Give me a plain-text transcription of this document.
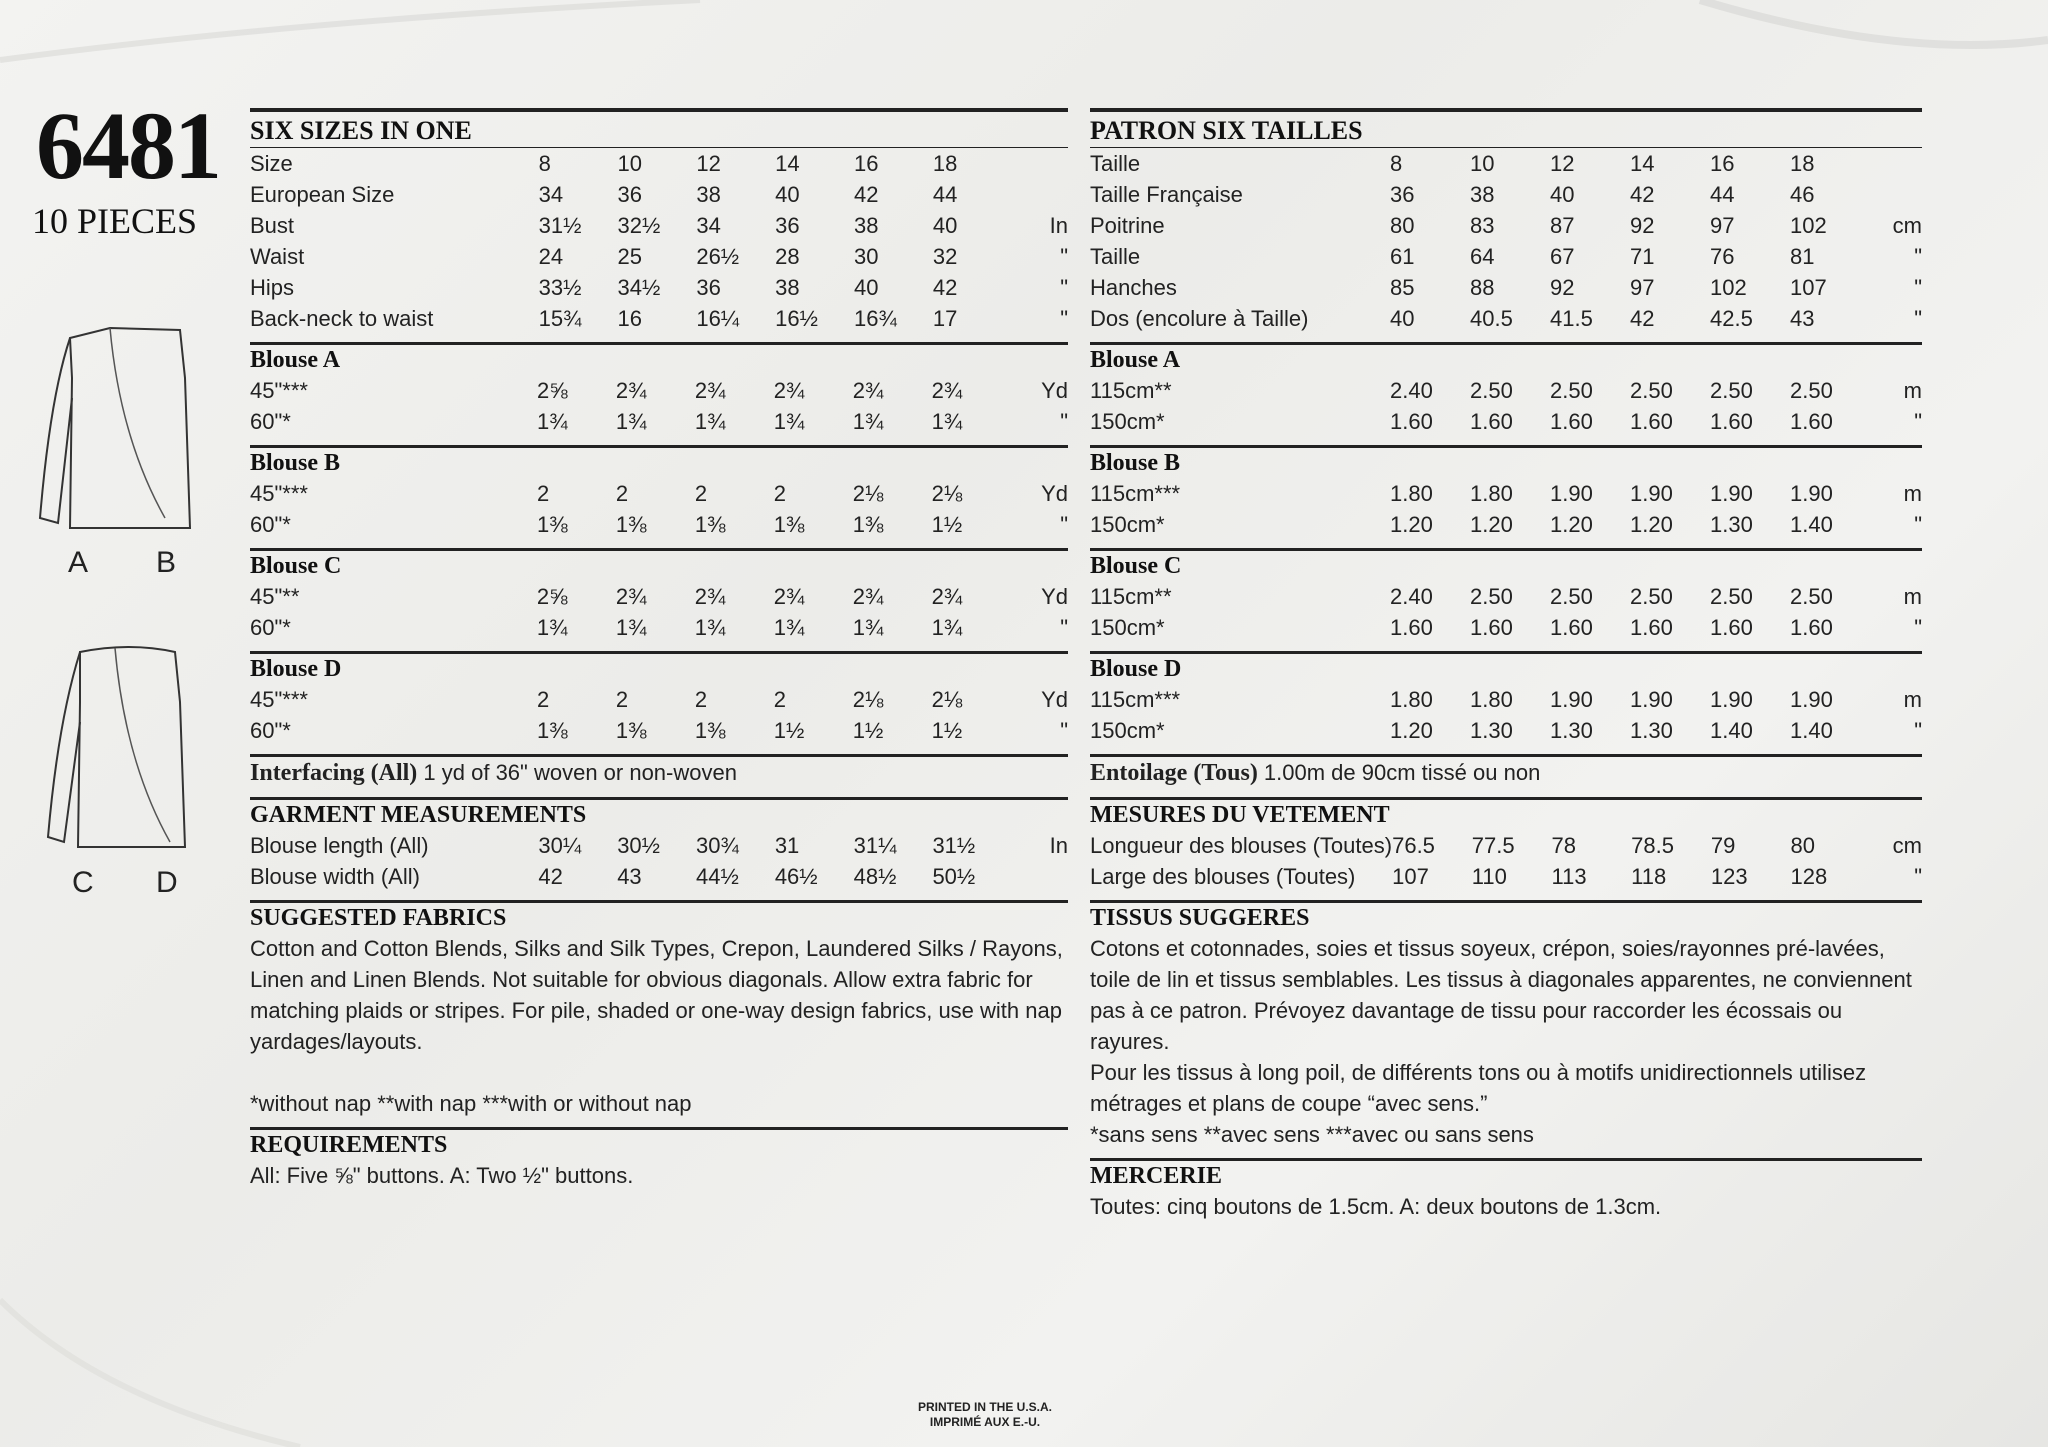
6481
10 PIECES
A B
C D
SIX SIZES IN ONE
Size	8	10	12	14	16	18	
European Size	34	36	38	40	42	44	
Bust	31½	32½	34	36	38	40	In
Waist	24	25	26½	28	30	32	"
Hips	33½	34½	36	38	40	42	"
Back-neck to waist	15¾	16	16¼	16½	16¾	17	"
Blouse A
45"***	2⅝	2¾	2¾	2¾	2¾	2¾	Yd
60"*	1¾	1¾	1¾	1¾	1¾	1¾	"
Blouse B
45"***	2	2	2	2	2⅛	2⅛	Yd
60"*	1⅜	1⅜	1⅜	1⅜	1⅜	1½	"
Blouse C
45"**	2⅝	2¾	2¾	2¾	2¾	2¾	Yd
60"*	1¾	1¾	1¾	1¾	1¾	1¾	"
Blouse D
45"***	2	2	2	2	2⅛	2⅛	Yd
60"*	1⅜	1⅜	1⅜	1½	1½	1½	"
Interfacing (All) 1 yd of 36" woven or non-woven
GARMENT MEASUREMENTS
Blouse length (All)	30¼	30½	30¾	31	31¼	31½	In
Blouse width (All)	42	43	44½	46½	48½	50½	
SUGGESTED FABRICS
Cotton and Cotton Blends, Silks and Silk Types, Crepon, Laundered Silks / Rayons,
Linen and Linen Blends. Not suitable for obvious diagonals. Allow extra fabric for
matching plaids or stripes. For pile, shaded or one-way design fabrics, use with nap
yardages/layouts.
*without nap **with nap ***with or without nap
REQUIREMENTS
All: Five ⅝" buttons. A: Two ½" buttons.
PATRON SIX TAILLES
Taille	8	10	12	14	16	18	
Taille Française	36	38	40	42	44	46	
Poitrine	80	83	87	92	97	102	cm
Taille	61	64	67	71	76	81	"
Hanches	85	88	92	97	102	107	"
Dos (encolure à Taille)	40	40.5	41.5	42	42.5	43	"
Blouse A
115cm**	2.40	2.50	2.50	2.50	2.50	2.50	m
150cm*	1.60	1.60	1.60	1.60	1.60	1.60	"
Blouse B
115cm***	1.80	1.80	1.90	1.90	1.90	1.90	m
150cm*	1.20	1.20	1.20	1.20	1.30	1.40	"
Blouse C
115cm**	2.40	2.50	2.50	2.50	2.50	2.50	m
150cm*	1.60	1.60	1.60	1.60	1.60	1.60	"
Blouse D
115cm***	1.80	1.80	1.90	1.90	1.90	1.90	m
150cm*	1.20	1.30	1.30	1.30	1.40	1.40	"
Entoilage (Tous) 1.00m de 90cm tissé ou non
MESURES DU VETEMENT
Longueur des blouses (Toutes)	76.5	77.5	78	78.5	79	80	cm
Large des blouses (Toutes)	107	110	113	118	123	128	"
TISSUS SUGGERES
Cotons et cotonnades, soies et tissus soyeux, crépon, soies/rayonnes pré-lavées,
toile de lin et tissus semblables. Les tissus à diagonales apparentes, ne conviennent
pas à ce patron. Prévoyez davantage de tissu pour raccorder les écossais ou rayures.
Pour les tissus à long poil, de différents tons ou à motifs unidirectionnels utilisez
métrages et plans de coupe “avec sens.”
*sans sens **avec sens ***avec ou sans sens
MERCERIE
Toutes: cinq boutons de 1.5cm. A: deux boutons de 1.3cm.
PRINTED IN THE U.S.A.
IMPRIMÉ AUX E.-U.
